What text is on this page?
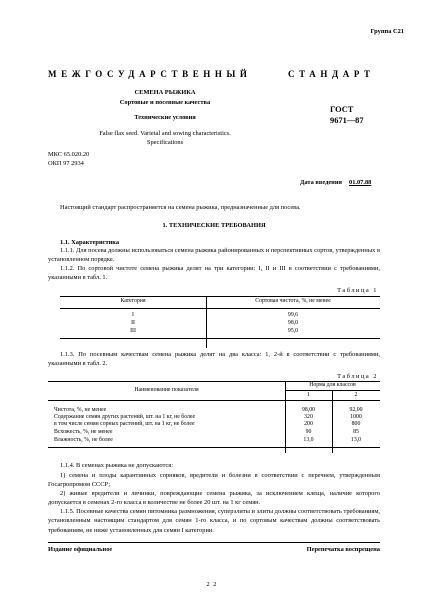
Группа С21
МЕЖГОСУДАРСТВЕННЫЙ	СТАНДАРТ
СЕМЕНА РЫЖИКА
Сортовые и посевные качества
Технические условия
ГОСТ
9671—87
False flax seed. Varietal and sowing characteristics.
Specifications
МКС 65.020.20
ОКП 97 2934
Дата введения 01.07.88
Настоящий стандарт распространяется на семена рыжика, предназначенные для посева.
1. ТЕХНИЧЕСКИЕ ТРЕБОВАНИЯ
1.1. Характеристика
1.1.1. Для посева должны использоваться семена рыжика районированных и перспективных сортов, утвержденных в установленном порядке.
1.1.2. По сортовой чистоте семена рыжика делят на три категории: I, II и III в соответствии с требованиями, указанными в табл. 1.
Таблица 1
Категория	Сортовая чистота, %, не менее
I	99,6
II	98,0
III	95,0
1.1.3. По посевным качествам семена рыжика делят на два класса: 1, 2-й в соответствии с требованиями, указанными в табл. 2.
Таблица 2
Наименование показателя
Норма для классов
1	2
Чистота, %, не менее	98,00	92,00
Содержание семян других растений, шт. на 1 кг, не более	320	1000
в том числе семян сорных растений, шт. на 1 кг, не более	200	800
Всхожесть, %, не менее	90	85
Влажность, %, не более	13,0	13,0
1.1.4. В семенах рыжика не допускаются:
1) семена и плоды карантинных сорняков, вредители и болезни в соответствии с перечнем, утвержденным Госагропромом СССР;
2) живые вредители и личинки, повреждающие семена рыжика, за исключением клеща, наличие которого допускается в семенах 2-го класса в количестве не более 20 шт. на 1 кг семян.
1.1.5. Посевные качества семян питомника размножения, суперэлиты и элиты должны соответствовать требованиям, установленным настоящим стандартом для семян 1-го класса, и по сортовым качествам должны соответствовать требованиям, не ниже установленных для семян I категории.
Издание официальное	Перепечатка воспрещена
2 2
